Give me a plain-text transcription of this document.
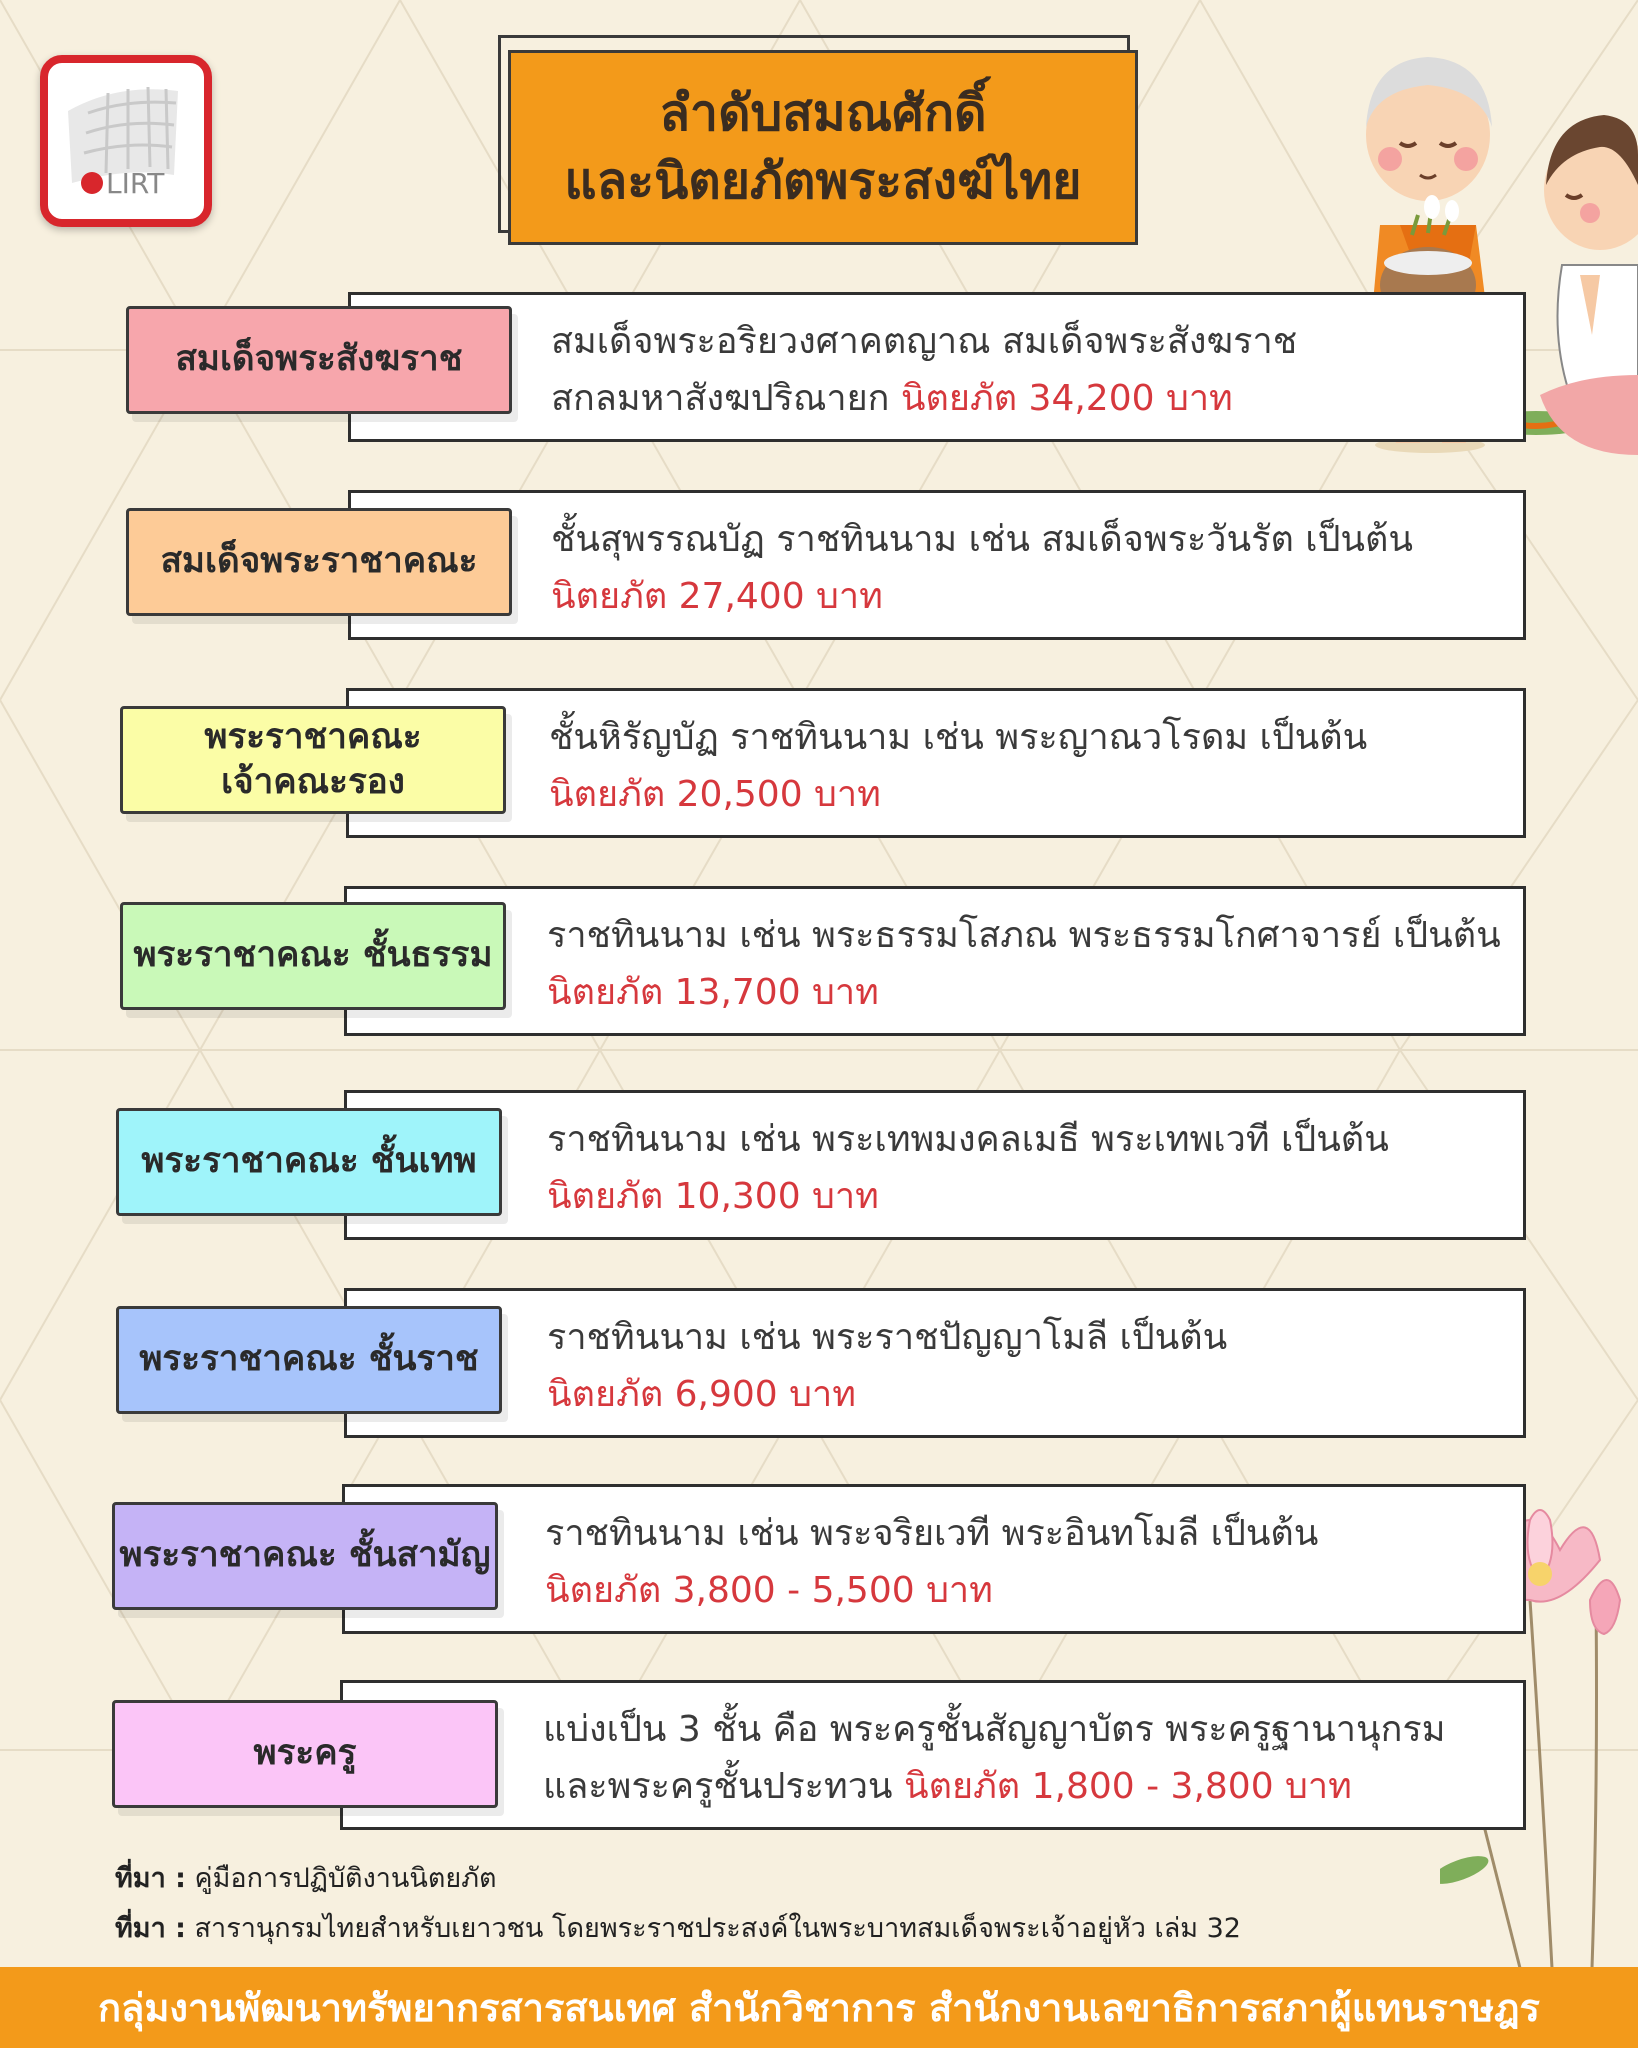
LIRT
ลำดับสมณศักดิ์
และนิตยภัตพระสงฆ์ไทย
สมเด็จพระอริยวงศาคตญาณ สมเด็จพระสังฆราช
สกลมหาสังฆปริณายก นิตยภัต 34,200 บาท
สมเด็จพระสังฆราช
ชั้นสุพรรณบัฏ ราชทินนาม เช่น สมเด็จพระวันรัต เป็นต้น
นิตยภัต 27,400 บาท
สมเด็จพระราชาคณะ
ชั้นหิรัญบัฏ ราชทินนาม เช่น พระญาณวโรดม เป็นต้น
นิตยภัต 20,500 บาท
พระราชาคณะ
เจ้าคณะรอง
ราชทินนาม เช่น พระธรรมโสภณ พระธรรมโกศาจารย์ เป็นต้น
นิตยภัต 13,700 บาท
พระราชาคณะ ชั้นธรรม
ราชทินนาม เช่น พระเทพมงคลเมธี พระเทพเวที เป็นต้น
นิตยภัต 10,300 บาท
พระราชาคณะ ชั้นเทพ
ราชทินนาม เช่น พระราชปัญญาโมลี เป็นต้น
นิตยภัต 6,900 บาท
พระราชาคณะ ชั้นราช
ราชทินนาม เช่น พระจริยเวที พระอินทโมลี เป็นต้น
นิตยภัต 3,800 - 5,500 บาท
พระราชาคณะ ชั้นสามัญ
แบ่งเป็น 3 ชั้น คือ พระครูชั้นสัญญาบัตร พระครูฐานานุกรม
และพระครูชั้นประทวน นิตยภัต 1,800 - 3,800 บาท
พระครู
ที่มา : คู่มือการปฏิบัติงานนิตยภัต
ที่มา : สารานุกรมไทยสำหรับเยาวชน โดยพระราชประสงค์ในพระบาทสมเด็จพระเจ้าอยู่หัว เล่ม 32
กลุ่มงานพัฒนาทรัพยากรสารสนเทศ สำนักวิชาการ สำนักงานเลขาธิการสภาผู้แทนราษฎร
